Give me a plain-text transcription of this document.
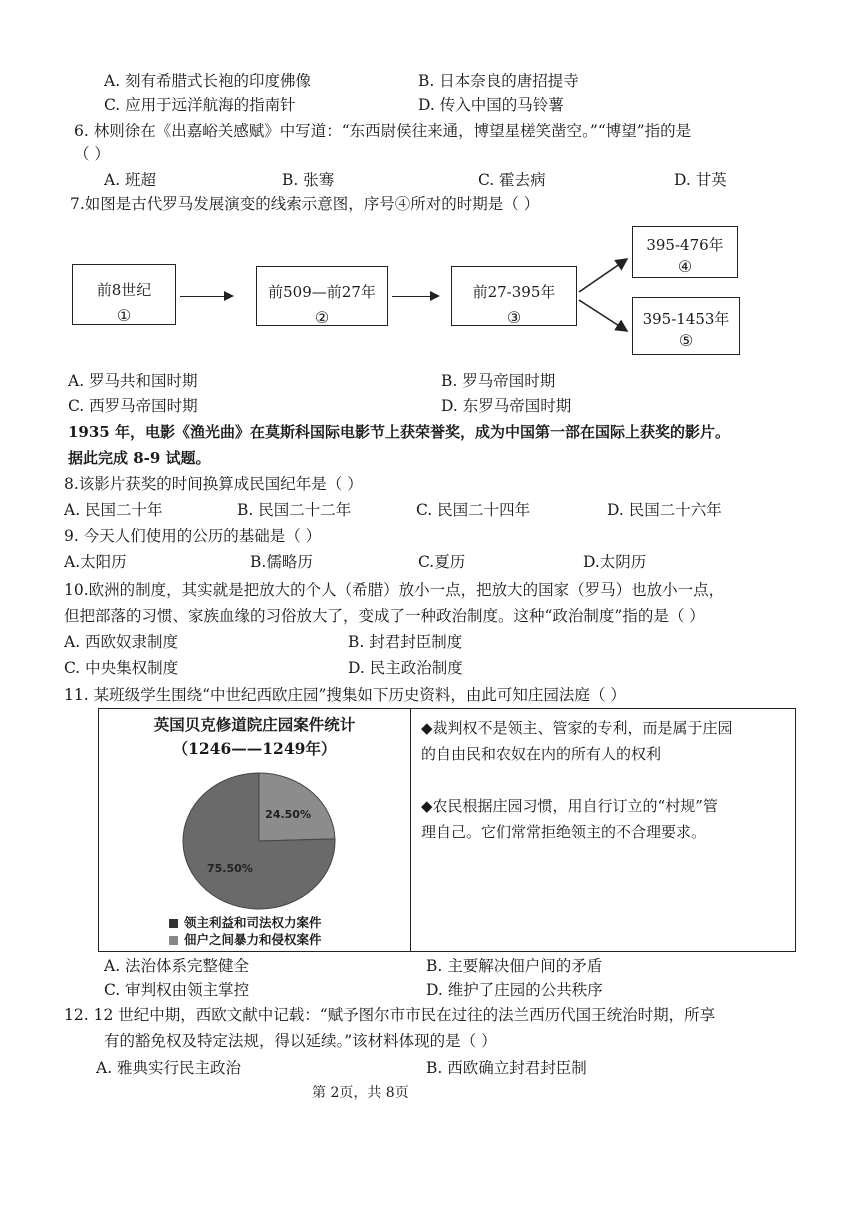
A. 刻有希腊式长袍的印度佛像	B. 日本奈良的唐招提寺
C. 应用于远洋航海的指南针	D. 传入中国的马铃薯
6. 林则徐在《出嘉峪关感赋》中写道：“东西尉侯往来通，博望星槎笑凿空。”“博望”指的是
（ ）
A. 班超	B. 张骞	C. 霍去病	D. 甘英
7.如图是古代罗马发展演变的线索示意图，序号④所对的时期是（ ）
前8世纪
①
前509—前27年
②
前27-395年
③
395-476年
④
395-1453年
⑤
A. 罗马共和国时期	B. 罗马帝国时期
C. 西罗马帝国时期	D. 东罗马帝国时期
1935 年，电影《渔光曲》在莫斯科国际电影节上获荣誉奖，成为中国第一部在国际上获奖的影片。
据此完成 8-9 试题。
8.该影片获奖的时间换算成民国纪年是（ ）
A. 民国二十年	B. 民国二十二年	C. 民国二十四年	D. 民国二十六年
9. 今天人们使用的公历的基础是（ ）
A.太阳历	B.儒略历	C.夏历	D.太阴历
10.欧洲的制度，其实就是把放大的个人（希腊）放小一点，把放大的国家（罗马）也放小一点，
但把部落的习惯、家族血缘的习俗放大了，变成了一种政治制度。这种“政治制度”指的是（ ）
A. 西欧奴隶制度	B. 封君封臣制度
C. 中央集权制度	D. 民主政治制度
11. 某班级学生围绕“中世纪西欧庄园”搜集如下历史资料，由此可知庄园法庭（ ）
英国贝克修道院庄园案件统计
（1246——1249年）
75.50%
24.50%
领主利益和司法权力案件
佃户之间暴力和侵权案件
◆裁判权不是领主、管家的专利，而是属于庄园
的自由民和农奴在内的所有人的权利
◆农民根据庄园习惯，用自行订立的“村规”管
理自己。它们常常拒绝领主的不合理要求。
A. 法治体系完整健全	B. 主要解决佃户间的矛盾
C. 审判权由领主掌控	D. 维护了庄园的公共秩序
12. 12 世纪中期，西欧文献中记载：“赋予图尔市市民在过往的法兰西历代国王统治时期，所享
有的豁免权及特定法规，得以延续。”该材料体现的是（ ）
A. 雅典实行民主政治	B. 西欧确立封君封臣制
第 2页，共 8页
